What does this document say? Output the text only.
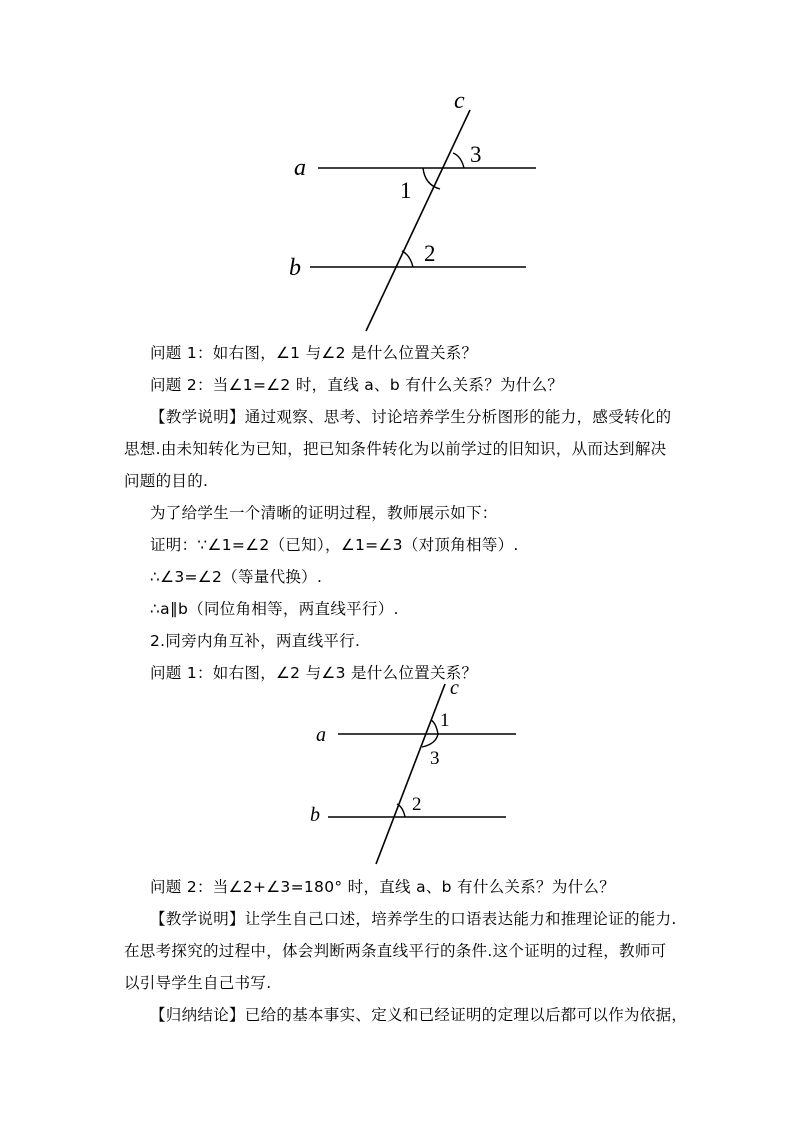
c
a
b
1
3
2
问题 1：如右图，∠1 与∠2 是什么位置关系？
问题 2：当∠1=∠2 时，直线 a、b 有什么关系？为什么？
【教学说明】通过观察、思考、讨论培养学生分析图形的能力，感受转化的
思想.由未知转化为已知，把已知条件转化为以前学过的旧知识，从而达到解决
问题的目的.
为了给学生一个清晰的证明过程，教师展示如下：
证明：∵∠1=∠2（已知），∠1=∠3（对顶角相等）.
∴∠3=∠2（等量代换）.
∴a∥b（同位角相等，两直线平行）.
2.同旁内角互补，两直线平行.
问题 1：如右图，∠2 与∠3 是什么位置关系？
c
a
b
1
3
2
问题 2：当∠2+∠3=180° 时，直线 a、b 有什么关系？为什么？
【教学说明】让学生自己口述，培养学生的口语表达能力和推理论证的能力.
在思考探究的过程中，体会判断两条直线平行的条件.这个证明的过程，教师可
以引导学生自己书写.
【归纳结论】已给的基本事实、定义和已经证明的定理以后都可以作为依据，
